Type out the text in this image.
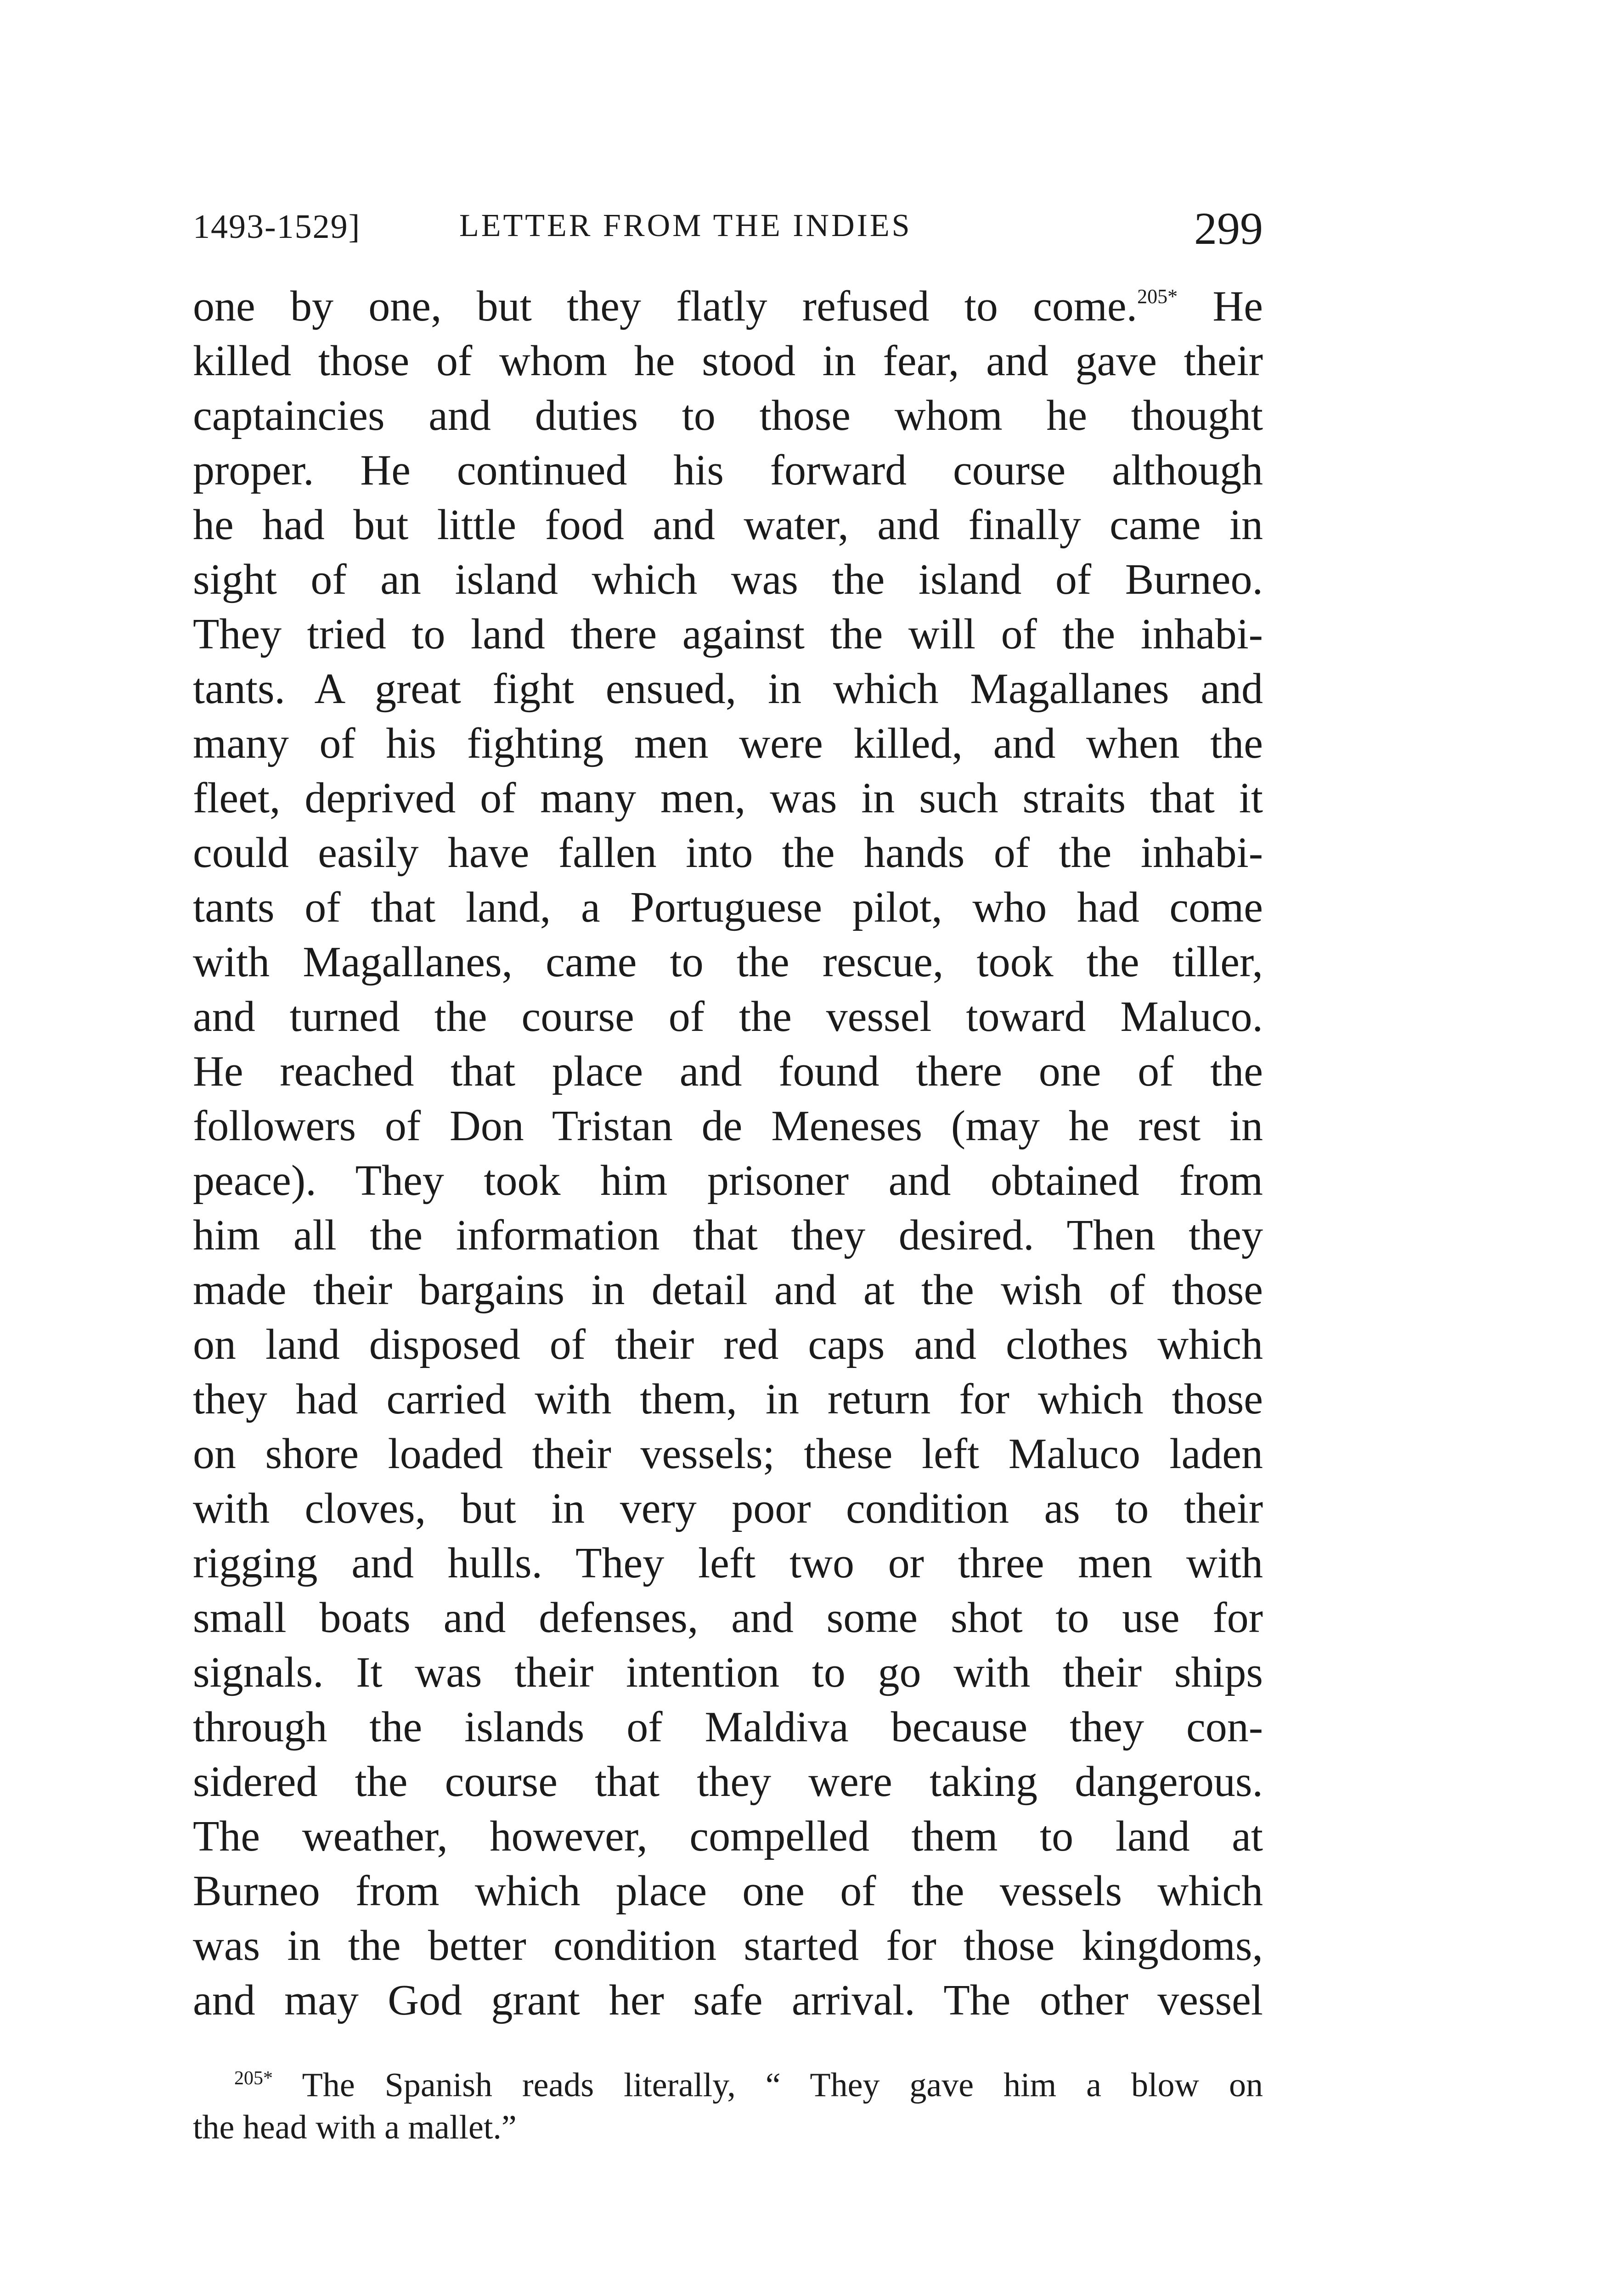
1493-1529]	LETTER FROM THE INDIES	299
one by one, but they flatly refused to come.$^{205*}$ He
killed those of whom he stood in fear, and gave their
captaincies and duties to those whom he thought
proper. He continued his forward course although
he had but little food and water, and finally came in
sight of an island which was the island of Burneo.
They tried to land there against the will of the inhabi-
tants. A great fight ensued, in which Magallanes and
many of his fighting men were killed, and when the
fleet, deprived of many men, was in such straits that it
could easily have fallen into the hands of the inhabi-
tants of that land, a Portuguese pilot, who had come
with Magallanes, came to the rescue, took the tiller,
and turned the course of the vessel toward Maluco.
He reached that place and found there one of the
followers of Don Tristan de Meneses (may he rest in
peace). They took him prisoner and obtained from
him all the information that they desired. Then they
made their bargains in detail and at the wish of those
on land disposed of their red caps and clothes which
they had carried with them, in return for which those
on shore loaded their vessels; these left Maluco laden
with cloves, but in very poor condition as to their
rigging and hulls. They left two or three men with
small boats and defenses, and some shot to use for
signals. It was their intention to go with their ships
through the islands of Maldiva because they con-
sidered the course that they were taking dangerous.
The weather, however, compelled them to land at
Burneo from which place one of the vessels which
was in the better condition started for those kingdoms,
and may God grant her safe arrival. The other vessel
$^{205*}$ The Spanish reads literally, “ They gave him a blow on
the head with a mallet.”
